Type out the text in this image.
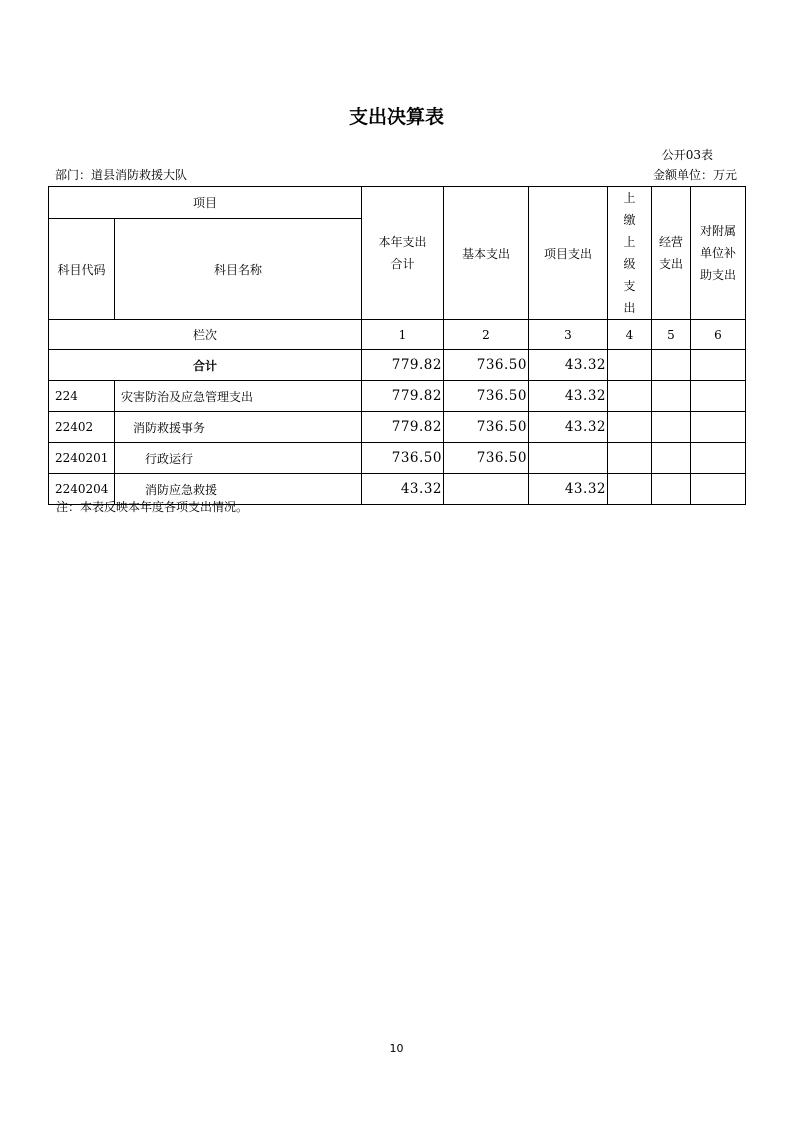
支出决算表
公开03表
部门：道县消防救援大队	金额单位：万元
项目		本年支出合计	基本支出	项目支出	上缴上级支出	经营支出	对附属单位补助支出
科目代码	科目名称						
栏次		1	2	3	4	5	6
合计		779.82	736.50	43.32			
224	灾害防治及应急管理支出	779.82	736.50	43.32			
22402	消防救援事务	779.82	736.50	43.32			
2240201	行政运行	736.50	736.50				
2240204	消防应急救援	43.32		43.32			
注：本表反映本年度各项支出情况。
10
